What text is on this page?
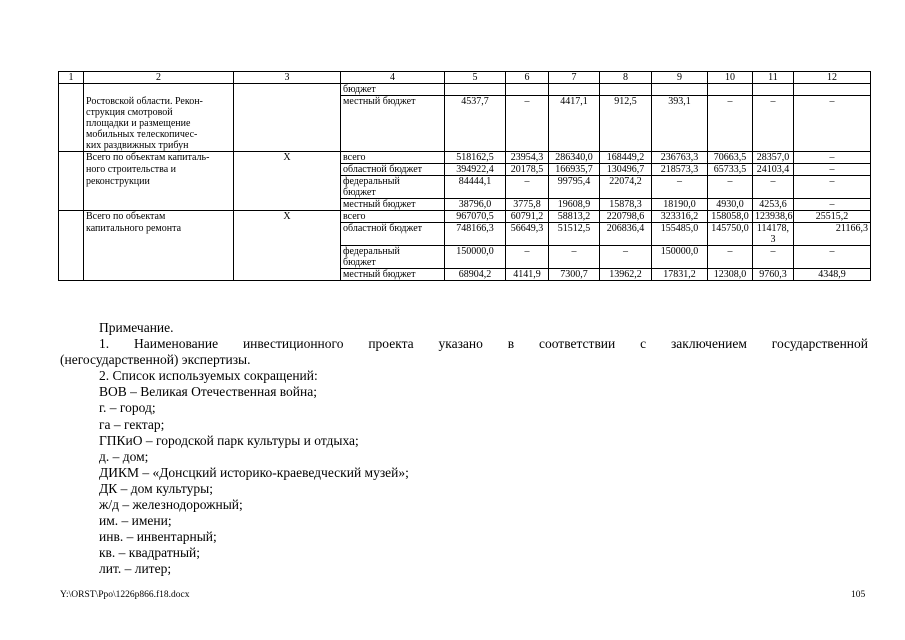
1	2	3	4	5	6	7	8	9	10	11	12
			бюджет								
	Ростовской области. Рекон-		местный бюджет	4537,7	–	4417,1	912,5	393,1	–	–	–
	струкция смотровой										
	площадки и размещение										
	мобильных телескопичес-										
	ких раздвижных трибун										
	Всего по объектам капиталь-	X	всего	518162,5	23954,3	286340,0	168449,2	236763,3	70663,5	28357,0	–
	ного строительства и		областной бюджет	394922,4	20178,5	166935,7	130496,7	218573,3	65733,5	24103,4	–
	реконструкции		федеральный	84444,1	–	99795,4	22074,2	–	–	–	–
			бюджет								
			местный бюджет	38796,0	3775,8	19608,9	15878,3	18190,0	4930,0	4253,6	–
	Всего по объектам	X	всего	967070,5	60791,2	58813,2	220798,6	323316,2	158058,0	123938,6	25515,2
	капитального ремонта		областной бюджет	748166,3	56649,3	51512,5	206836,4	155485,0	145750,0	114178,	21166,3
										3	
			федеральный	150000,0	–	–	–	150000,0	–	–	–
			бюджет								
			местный бюджет	68904,2	4141,9	7300,7	13962,2	17831,2	12308,0	9760,3	4348,9
Примечание.
1. Наименование инвестиционного проекта указано в соответствии с заключением государственной
(негосударственной) экспертизы.
2. Список используемых сокращений:
ВОВ – Великая Отечественная война;
г. – город;
га – гектар;
ГПКиО – городской парк культуры и отдыха;
д. – дом;
ДИКМ – «Донсцкий историко-краеведческий музей»;
ДК – дом культуры;
ж/д – железнодорожный;
им. – имени;
инв. – инвентарный;
кв. – квадратный;
лит. – литер;
Y:\ORST\Ppo\1226p866.f18.docx	105
